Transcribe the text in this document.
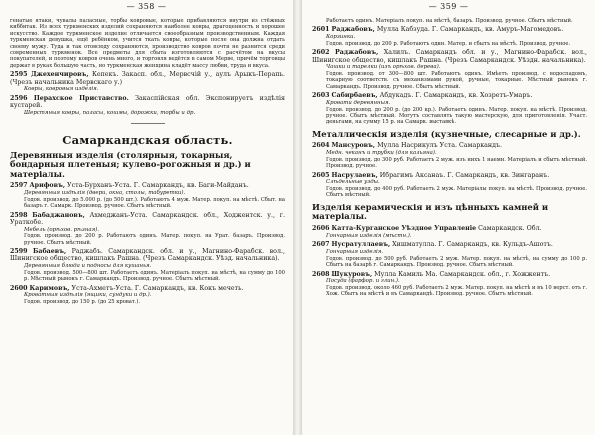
— 358 —

генатые ятаки, чувалы паласные, торбы ковровые, которые прибавляются внутри из стёжных киббитак. Из всех туркменских изделий сохраняются наиболее ковры, драгоценность и хорошее искусство. Каждое туркменское изделие отличается своеобразным производственным. Каждая туркменская девушка, ещё ребёнком, учится ткать ковры, которые после она должна отдать своему мужу. Туда и так отовсюду сохраняются, производство ковров почти не разнится среди современных туркменок. Все предметы для сбыта изготовляются с расчётом на вкусы покупателей, и поэтому ковров очень много, и торговля ведётся в самом Мерве, причём торговцы держат в руках большую часть, но туркменская женщина кладёт массу любви, труда и вкуса.

2595 Джехенчировъ, Кепекъ. Закасп. обл., Мервсчій у., аулъ Арыкъ-Перапь. (Чрезъ начальника Мервскаго у.)

Ковры, ковровыя изделія.

2596 Перахское Приставство. Закаспійская обл. Экспонируетъ издѣлія кустарей.

Шерстяныя ковры, паласы, кошмы, дорожки, торбы и др.

Самаркандская область.
Деревянныя изделія (столярныя, токарныя, бондарныя плетеныя; кулево-рогожныя и др.) и матеріалы.

2597 Арифовъ, Уста-Бурханъ-Уста. Г. Самаркандъ, кв. Баги-Майданъ.

Деревянныя издѣлія (двери, окна, столы, табуретки).

Годов. производ. до 5.000 р. (до 500 шт.). Работаютъ 4 муж. Матер. покуп. на мѣстѣ. Сбыт. на базаръ г. Самарк. Производ. ручное. Сбытъ мѣстный.

2598 Бабаджановъ, Ахмеджанъ-Уста. Самаркандск. обл., Ходжентск. у., г. Ураткобе.

Мебель (орѣхов. рѣзная).

Годов. производ. до 200 р. Работаютъ одинъ. Матер. покуп. на Урат. базаръ. Производ. ручное. Сбытъ мѣстный.

2599 Бабаевъ, Раджабъ. Самаркандск. обл. и у., Магнино-Фарабск. вол., Шинигское общество, кишлакъ Рашна. (Чрезъ Самаркандск. Уѣзд. начальника).

Деревянныя блюда и подносы для кушанья.

Годов. производ. 500—800 шт. Работаетъ одинъ. Матеріалъ покуп. на мѣстѣ, на сумму до 100 р. Мѣстный рынокъ г. Самаркандъ. Производ. ручное. Сбытъ мѣстный.

2600 Каримовъ, Уста-Ахметъ-Уста. Г. Самаркандъ, кв. Кокъ мечеть.

Кроватныя издѣлія (ящики, сундуки и др.).

Годов. производ. до 150 р. (до 25 кроват.).

— 359 —

Работаетъ одинъ. Матеріалъ покуп. на мѣстѣ, базаръ. Производ. ручное. Сбытъ мѣстный.

2601 Раджабовъ, Мулла Кабзуда. Г. Самаркандъ, кв. Амуръ-Магомедовъ.

Корзинки.

Годов. производ. до 200 р. Работаютъ один. Матер. и сбытъ на мѣстѣ. Производ. ручное.

2602 Раджабовъ, Халилъ. Самаркандъ обл. и у., Магнино-Фарабск. вол., Шинигское общество, кишлакъ Рашна. (Чрезъ Самаркандск. Уѣздн. начальника).

Чашки и тарелки (изъ орѣхов. дерева).

Годов. производ. от 300—800 шт. Работаютъ одинъ. Имѣетъ производ. с водоспадомъ, токарную соответств. съ механизмами рукой, ручные, токарные. Мѣстный рынокъ г. Самаркандъ. Производ. ручное. Сбытъ мѣстный.

2603 Сабирбаевъ, Абдукадъ. Г. Самаркандъ, кв. Хозретъ-Умаръ.

Кровати деревянныя.

Годов. производ. до 200 р. (до 200 кр.). Работаетъ одинъ. Матер. покуп. на мѣстѣ. Производ. ручное. Сбытъ мѣстный. Могутъ составлять такую мастерскую, для приготовленія. Участ. деньгами, на сумму 15 р. на Самарк. выставкѣ.

Металлическія изделія (кузнечные, слесарные и др.).

2604 Мансуровъ, Мулла Насрикулъ Уста. Самаркандъ.

Медн. чеканъ и трубки (для кальяна).

Годов. производ. до 300 руб. Работаетъ 2 муж. изъ нихъ 1 наемн. Матеріалъ и сбытъ мѣстный. Производ. ручное.

2605 Насрулаевъ, Ибрагимъ Аксанаъ. Г. Самаркандъ, кв. Зингаранъ.

Слѣдельные узды.

Годов. производ. до 400 руб. Работаетъ 2 муж. Матеріалы покуп. на мѣстѣ. Производ. ручное. Сбытъ мѣстный.

Изделія керамическія и изъ цѣнныхъ камней и матеріалы.

2606 Катта-Курганское Уѣздное Управленіе Самаркандск. Обл.

Гончарныя изделія (мѣстн.).

2607 Нусратуллаевъ, Хишматулла. Г. Самаркандъ, кв. Кульдъ-Ашотъ.

Гончарныя изделія.

Годов. производ. до 500 руб. Работаетъ 2 муж. Матер. покуп. на мѣстѣ, на сумму до 100 р. Сбытъ на базарѣ г. Самаркандъ. Производ. ручное. Сбытъ мѣстный.

2608 Шукуровъ, Мулла Камиль Ма. Самаркандск. обл., г. Хожжентъ.

Посуда (фарфор. и глин.).

Годов. производ. около 460 руб. Работаетъ 2 муж. Матер. покуп. на мѣстѣ и въ 10 верст. отъ г. Хож. Сбытъ на мѣстѣ и въ Самаркандѣ. Производ. ручное. Сбытъ мѣстный.
